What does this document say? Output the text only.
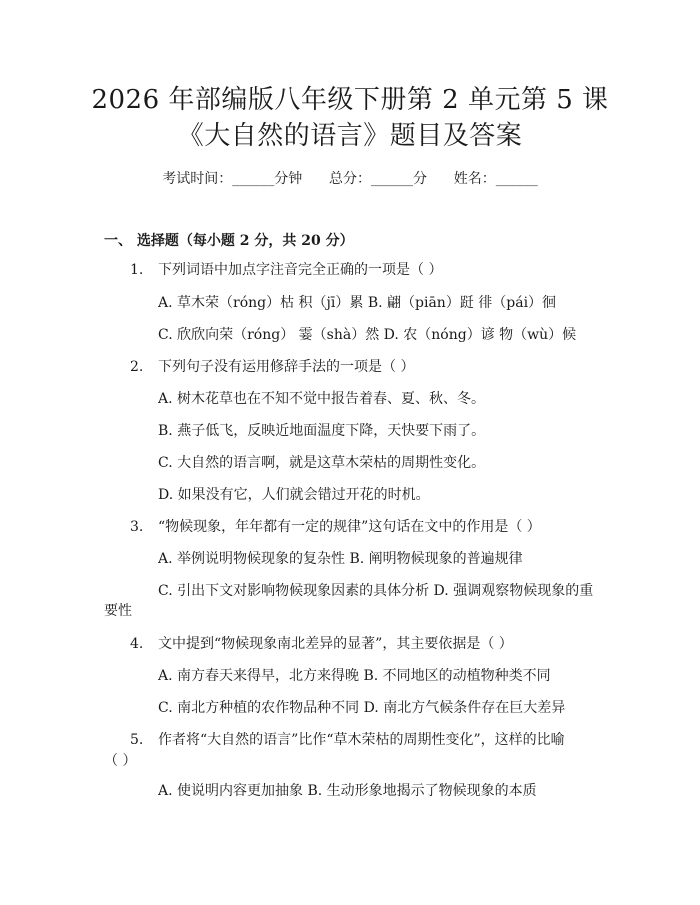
2026 年部编版八年级下册第 2 单元第 5 课
《大自然的语言》题目及答案
考试时间：______分钟      总分：______分      姓名：______
一、 选择题（每小题 2 分，共 20 分）
1. 下列词语中加点字注音完全正确的一项是（ ）
A. 草木荣（róng）枯 积（jī）累 B. 翩（piān）跹 徘（pái）徊
C. 欣欣向荣（róng） 霎（shà）然 D. 农（nóng）谚 物（wù）候
2. 下列句子没有运用修辞手法的一项是（ ）
A. 树木花草也在不知不觉中报告着春、夏、秋、冬。
B. 燕子低飞，反映近地面温度下降，天快要下雨了。
C. 大自然的语言啊，就是这草木荣枯的周期性变化。
D. 如果没有它，人们就会错过开花的时机。
3. “物候现象，年年都有一定的规律”这句话在文中的作用是（ ）
A. 举例说明物候现象的复杂性 B. 阐明物候现象的普遍规律
C. 引出下文对影响物候现象因素的具体分析 D. 强调观察物候现象的重
要性
4. 文中提到“物候现象南北差异的显著”，其主要依据是（ ）
A. 南方春天来得早，北方来得晚 B. 不同地区的动植物种类不同
C. 南北方种植的农作物品种不同 D. 南北方气候条件存在巨大差异
5. 作者将“大自然的语言”比作“草木荣枯的周期性变化”，这样的比喻
（ ）
A. 使说明内容更加抽象 B. 生动形象地揭示了物候现象的本质
